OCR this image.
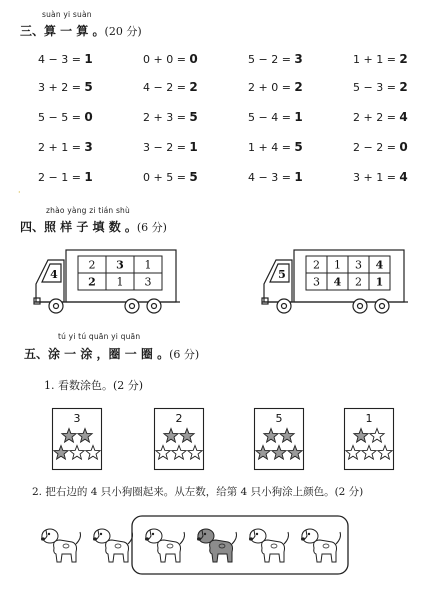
suàn yi suàn
三、算 一 算 。(20 分)
4 − 3 = 1	0 + 0 = 0	5 − 2 = 3	1 + 1 = 2
3 + 2 = 5	4 − 2 = 2	2 + 0 = 2	5 − 3 = 2
5 − 5 = 0	2 + 3 = 5	5 − 4 = 1	2 + 2 = 4
2 + 1 = 3	3 − 2 = 1	1 + 4 = 5	2 − 2 = 0
2 − 1 = 1	0 + 5 = 5	4 − 3 = 1	3 + 1 = 4
·
zhào yàng zi tián shù
四、照 样 子 填 数 。(6 分)
4
2 3 1
2 1 3
5
2 1 3 4
3 4 2 1
tú yi tú quān yi quān
五、涂 一 涂 ，圈 一 圈 。(6 分)
1. 看数涂色。(2 分)
3	2	5	1
2. 把右边的 4 只小狗圈起来。从左数，给第 4 只小狗涂上颜色。(2 分)
